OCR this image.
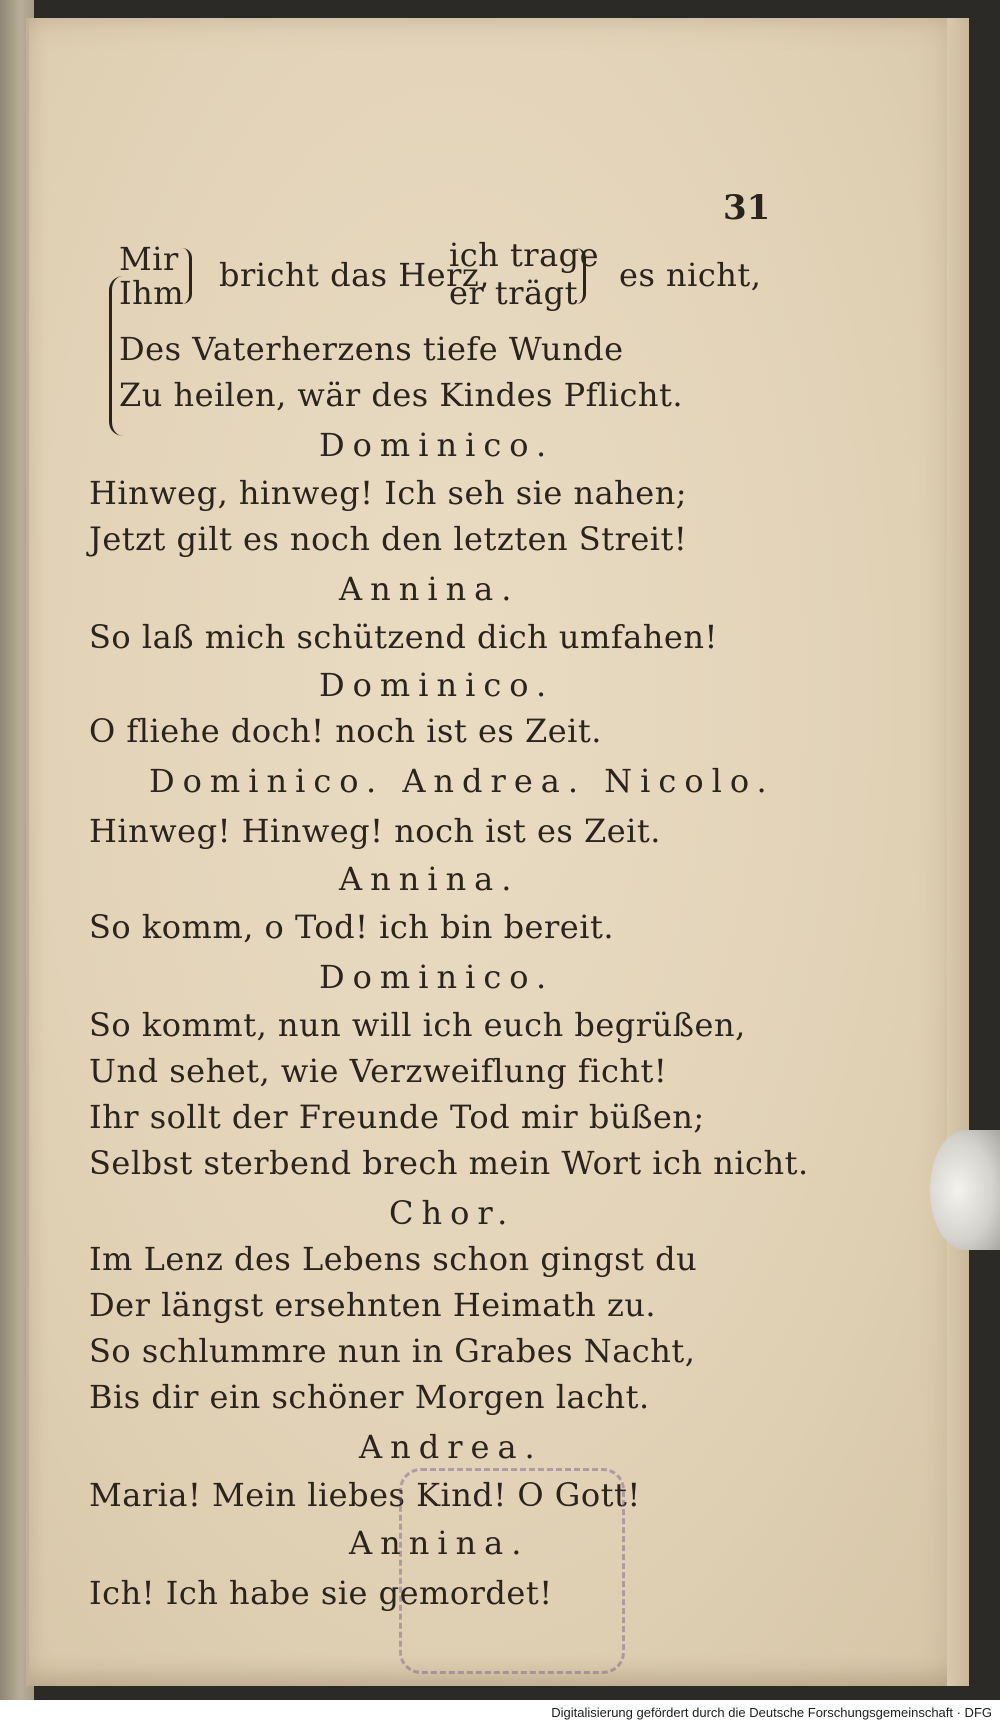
31
Mir
Ihm bricht das Herz,
ich trage
er trägt es nicht,
Des Vaterherzens tiefe Wunde
Zu heilen, wär des Kindes Pflicht.
Dominico.
Hinweg, hinweg! Ich seh sie nahen;
Jetzt gilt es noch den letzten Streit!
Annina.
So laß mich schützend dich umfahen!
Dominico.
O fliehe doch! noch ist es Zeit.
Dominico. Andrea. Nicolo.
Hinweg! Hinweg! noch ist es Zeit.
Annina.
So komm, o Tod! ich bin bereit.
Dominico.
So kommt, nun will ich euch begrüßen,
Und sehet, wie Verzweiflung ficht!
Ihr sollt der Freunde Tod mir büßen;
Selbst sterbend brech mein Wort ich nicht.
Chor.
Im Lenz des Lebens schon gingst du
Der längst ersehnten Heimath zu.
So schlummre nun in Grabes Nacht,
Bis dir ein schöner Morgen lacht.
Andrea.
Maria! Mein liebes Kind! O Gott!
Annina.
Ich! Ich habe sie gemordet!
Digitalisierung gefördert durch die Deutsche Forschungsgemeinschaft · DFG
